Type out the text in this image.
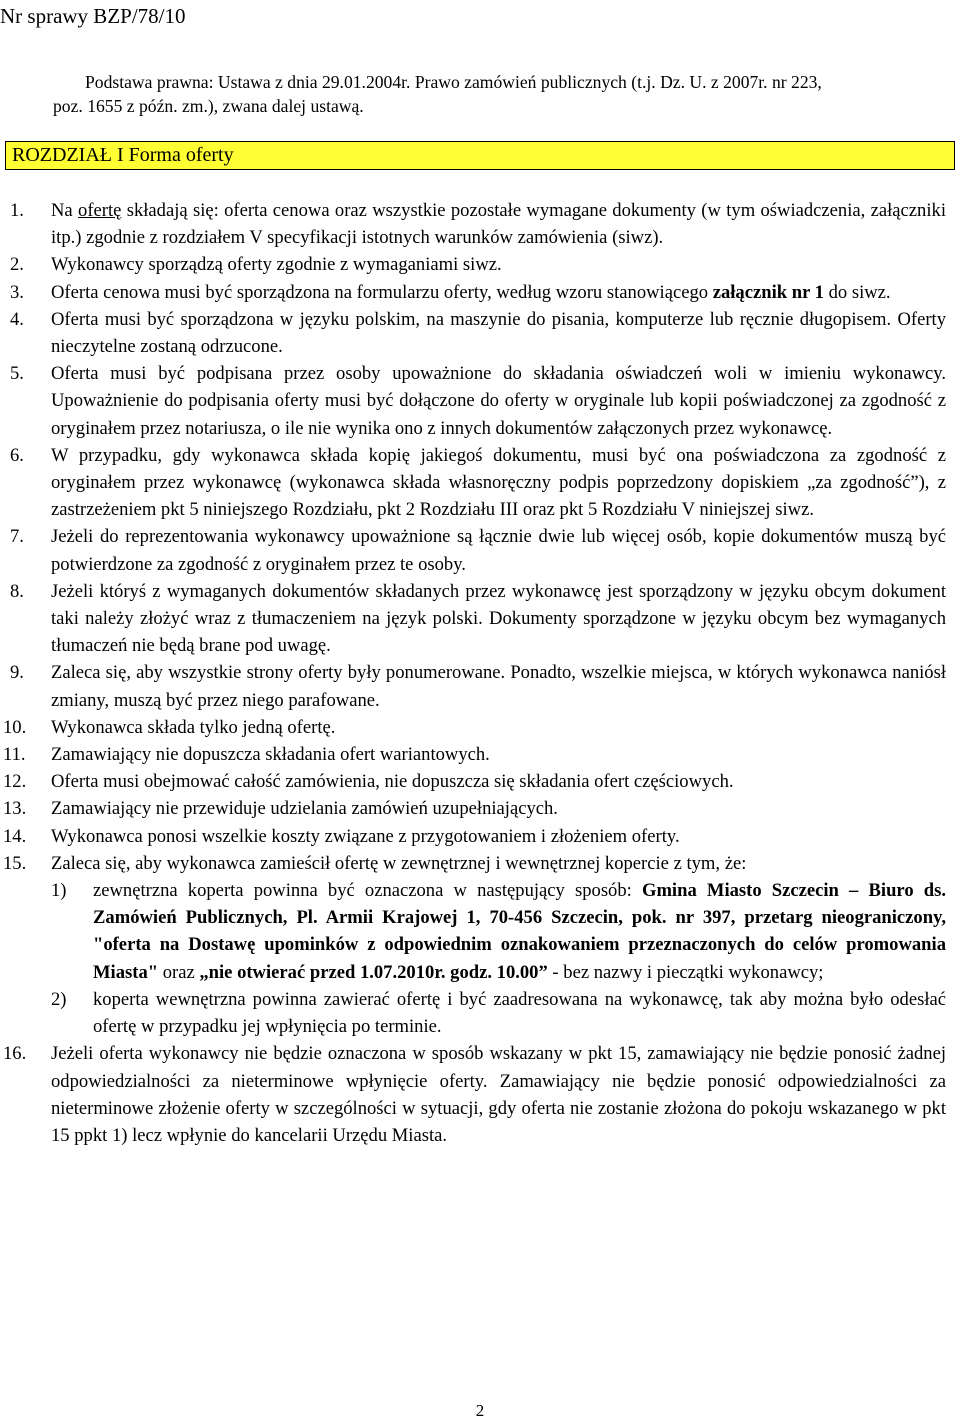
Nr sprawy BZP/78/10
Podstawa prawna: Ustawa z dnia 29.01.2004r. Prawo zamówień publicznych (t.j. Dz. U. z 2007r. nr 223,
poz. 1655 z późn. zm.), zwana dalej ustawą.
ROZDZIAŁ I Forma oferty
1. Na ofertę składają się: oferta cenowa oraz wszystkie pozostałe wymagane dokumenty (w tym oświadczenia, załączniki itp.) zgodnie z rozdziałem V specyfikacji istotnych warunków zamówienia (siwz).
2. Wykonawcy sporządzą oferty zgodnie z wymaganiami siwz.
3. Oferta cenowa musi być sporządzona na formularzu oferty, według wzoru stanowiącego załącznik nr 1 do siwz.
4. Oferta musi być sporządzona w języku polskim, na maszynie do pisania, komputerze lub ręcznie długopisem. Oferty nieczytelne zostaną odrzucone.
5. Oferta musi być podpisana przez osoby upoważnione do składania oświadczeń woli w imieniu wykonawcy. Upoważnienie do podpisania oferty musi być dołączone do oferty w oryginale lub kopii poświadczonej za zgodność z oryginałem przez notariusza, o ile nie wynika ono z innych dokumentów załączonych przez wykonawcę.
6. W przypadku, gdy wykonawca składa kopię jakiegoś dokumentu, musi być ona poświadczona za zgodność z oryginałem przez wykonawcę (wykonawca składa własnoręczny podpis poprzedzony dopiskiem „za zgodność”), z zastrzeżeniem pkt 5 niniejszego Rozdziału, pkt 2 Rozdziału III oraz pkt 5 Rozdziału V niniejszej siwz.
7. Jeżeli do reprezentowania wykonawcy upoważnione są łącznie dwie lub więcej osób, kopie dokumentów muszą być potwierdzone za zgodność z oryginałem przez te osoby.
8. Jeżeli któryś z wymaganych dokumentów składanych przez wykonawcę jest sporządzony w języku obcym dokument taki należy złożyć wraz z tłumaczeniem na język polski. Dokumenty sporządzone w języku obcym bez wymaganych tłumaczeń nie będą brane pod uwagę.
9. Zaleca się, aby wszystkie strony oferty były ponumerowane. Ponadto, wszelkie miejsca, w których wykonawca naniósł zmiany, muszą być przez niego parafowane.
10. Wykonawca składa tylko jedną ofertę.
11. Zamawiający nie dopuszcza składania ofert wariantowych.
12. Oferta musi obejmować całość zamówienia, nie dopuszcza się składania ofert częściowych.
13. Zamawiający nie przewiduje udzielania zamówień uzupełniających.
14. Wykonawca ponosi wszelkie koszty związane z przygotowaniem i złożeniem oferty.
15. Zaleca się, aby wykonawca zamieścił ofertę w zewnętrznej i wewnętrznej kopercie z tym, że:
1) zewnętrzna koperta powinna być oznaczona w następujący sposób: Gmina Miasto Szczecin – Biuro ds. Zamówień Publicznych, Pl. Armii Krajowej 1, 70-456 Szczecin, pok. nr 397, przetarg nieograniczony, "oferta na Dostawę upominków z odpowiednim oznakowaniem przeznaczonych do celów promowania Miasta" oraz „nie otwierać przed 1.07.2010r. godz. 10.00” - bez nazwy i pieczątki wykonawcy;
2) koperta wewnętrzna powinna zawierać ofertę i być zaadresowana na wykonawcę, tak aby można było odesłać ofertę w przypadku jej wpłynięcia po terminie.
16. Jeżeli oferta wykonawcy nie będzie oznaczona w sposób wskazany w pkt 15, zamawiający nie będzie ponosić żadnej odpowiedzialności za nieterminowe wpłynięcie oferty. Zamawiający nie będzie ponosić odpowiedzialności za nieterminowe złożenie oferty w szczególności w sytuacji, gdy oferta nie zostanie złożona do pokoju wskazanego w pkt 15 ppkt 1) lecz wpłynie do kancelarii Urzędu Miasta.
2
